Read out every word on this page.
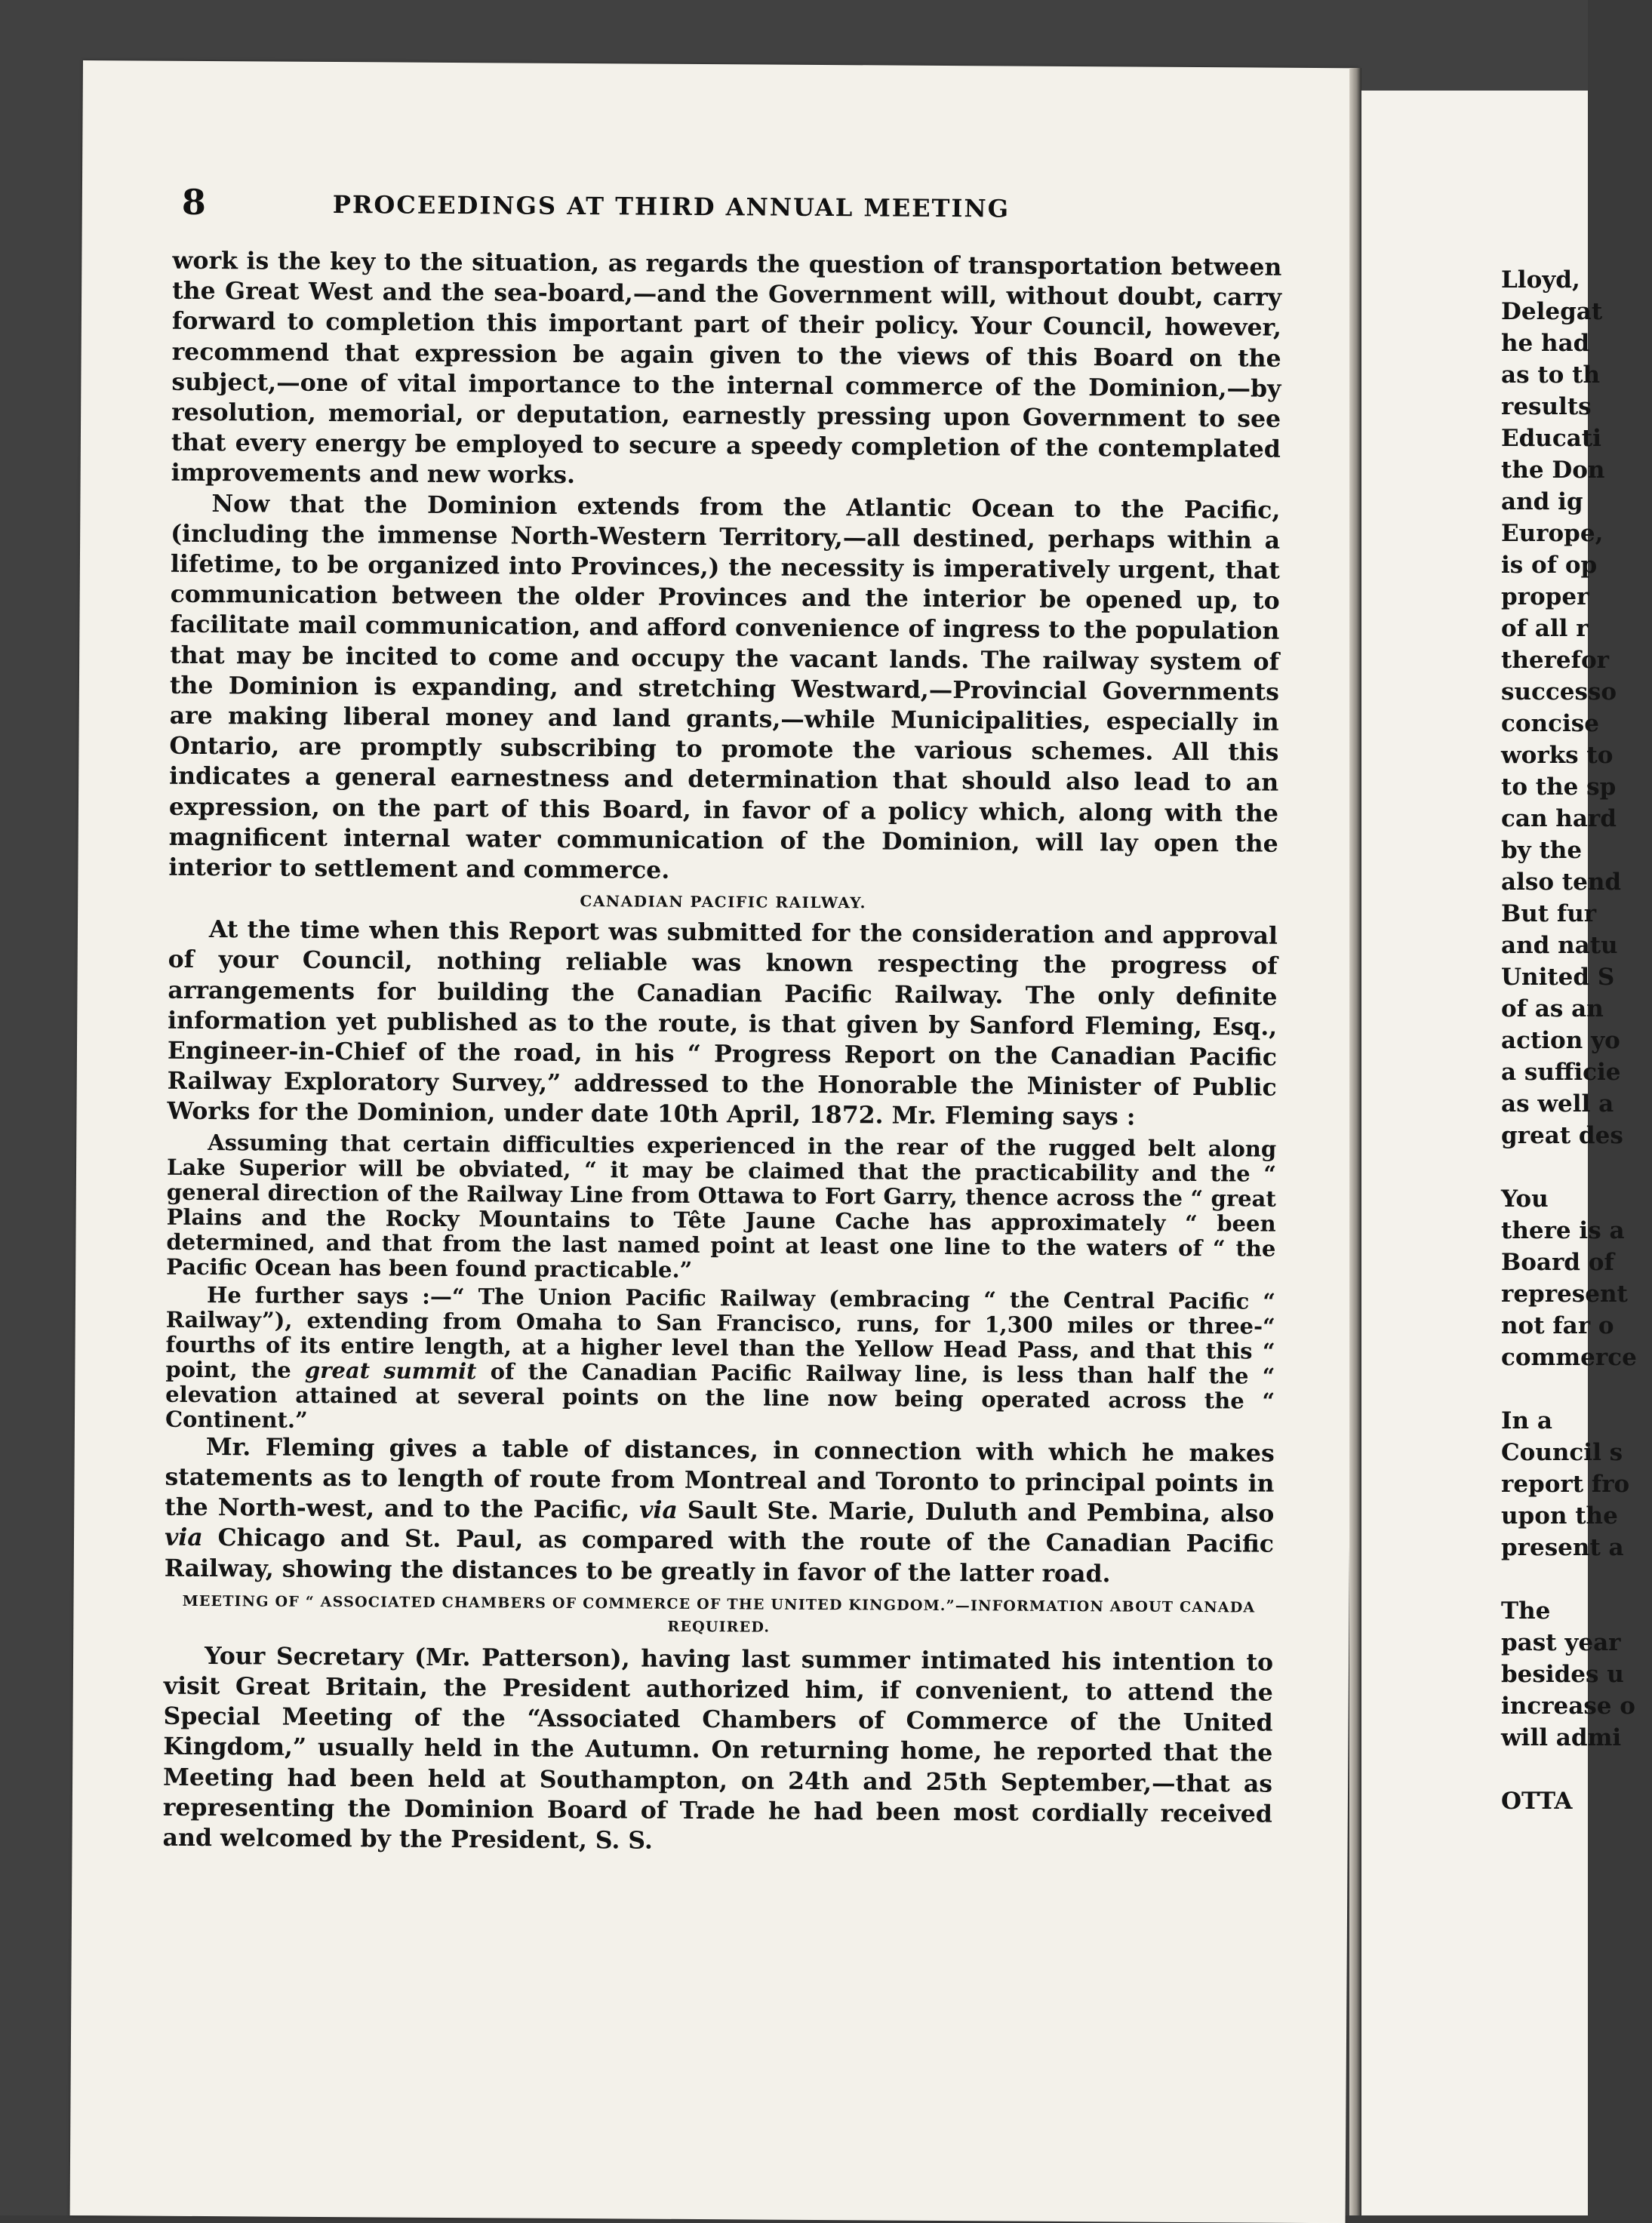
8	PROCEEDINGS AT THIRD ANNUAL MEETING

work is the key to the situation, as regards the question of transportation between the Great West and the sea-board,—and the Government will, without doubt, carry forward to completion this important part of their policy. Your Council, however, recommend that expression be again given to the views of this Board on the subject,—one of vital importance to the internal commerce of the Dominion,—by resolution, memorial, or deputation, earnestly pressing upon Government to see that every energy be employed to secure a speedy completion of the contemplated improvements and new works.

Now that the Dominion extends from the Atlantic Ocean to the Pacific, (including the immense North-Western Territory,—all destined, perhaps within a lifetime, to be organized into Provinces,) the necessity is imperatively urgent, that communication between the older Provinces and the interior be opened up, to facilitate mail communication, and afford convenience of ingress to the population that may be incited to come and occupy the vacant lands. The railway system of the Dominion is expanding, and stretching Westward,—Provincial Governments are making liberal money and land grants,—while Municipalities, especially in Ontario, are promptly subscribing to promote the various schemes. All this indicates a general earnestness and determination that should also lead to an expression, on the part of this Board, in favor of a policy which, along with the magnificent internal water communication of the Dominion, will lay open the interior to settlement and commerce.

CANADIAN PACIFIC RAILWAY.

At the time when this Report was submitted for the consideration and approval of your Council, nothing reliable was known respecting the progress of arrangements for building the Canadian Pacific Railway. The only definite information yet published as to the route, is that given by Sanford Fleming, Esq., Engineer-in-Chief of the road, in his “ Progress Report on the Canadian Pacific Railway Exploratory Survey,” addressed to the Honorable the Minister of Public Works for the Dominion, under date 10th April, 1872. Mr. Fleming says :

Assuming that certain difficulties experienced in the rear of the rugged belt along Lake Superior will be obviated, “ it may be claimed that the practicability and the “ general direction of the Railway Line from Ottawa to Fort Garry, thence across the “ great Plains and the Rocky Mountains to Tête Jaune Cache has approximately “ been determined, and that from the last named point at least one line to the waters of “ the Pacific Ocean has been found practicable.”

He further says :—“ The Union Pacific Railway (embracing “ the Central Pacific “ Railway”), extending from Omaha to San Francisco, runs, for 1,300 miles or three-“ fourths of its entire length, at a higher level than the Yellow Head Pass, and that this “ point, the great summit of the Canadian Pacific Railway line, is less than half the “ elevation attained at several points on the line now being operated across the “ Continent.”

Mr. Fleming gives a table of distances, in connection with which he makes statements as to length of route from Montreal and Toronto to principal points in the North-west, and to the Pacific, via Sault Ste. Marie, Duluth and Pembina, also via Chicago and St. Paul, as compared with the route of the Canadian Pacific Railway, showing the distances to be greatly in favor of the latter road.

MEETING OF “ ASSOCIATED CHAMBERS OF COMMERCE OF THE UNITED KINGDOM.”—INFORMATION ABOUT CANADA REQUIRED.

Your Secretary (Mr. Patterson), having last summer intimated his intention to visit Great Britain, the President authorized him, if convenient, to attend the Special Meeting of the “Associated Chambers of Commerce of the United Kingdom,” usually held in the Autumn. On returning home, he reported that the Meeting had been held at Southampton, on 24th and 25th September,—that as representing the Dominion Board of Trade he had been most cordially received and welcomed by the President, S. S.

Lloyd,
Delegat
he had
as to th
results
Educati
the Don
and ig
Europe,
is of op
proper
of all r
therefor
successo
concise
works to
to the sp
can hard
by the
also tend
But fur
and natu
United S
of as an
action yo
a sufficie
as well a
great des
You
there is a
Board of
represent
not far o
commerce
In a
Council s
report fro
upon the
present a
The
past year
besides u
increase o
will admi
OTTA
